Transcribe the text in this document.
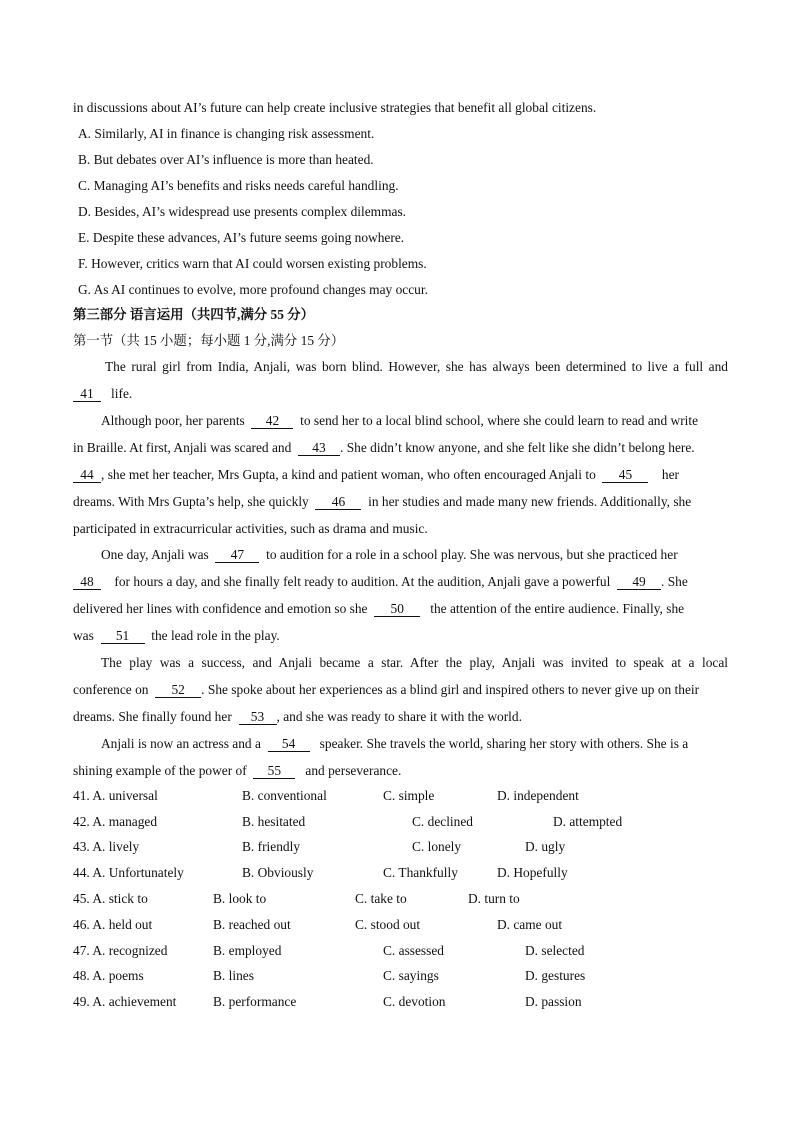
in discussions about AI’s future can help create inclusive strategies that benefit all global citizens.
A. Similarly, AI in finance is changing risk assessment.
B. But debates over AI’s influence is more than heated.
C. Managing AI’s benefits and risks needs careful handling.
D. Besides, AI’s widespread use presents complex dilemmas.
E. Despite these advances, AI’s future seems going nowhere.
F. However, critics warn that AI could worsen existing problems.
G. As AI continues to evolve, more profound changes may occur.
第三部分 语言运用（共四节,满分 55 分）
第一节（共 15 小题；每小题 1 分,满分 15 分）
The rural girl from India, Anjali, was born blind. However, she has always been determined to live a full and
41 life.
Although poor, her parents 42 to send her to a local blind school, where she could learn to read and write
in Braille. At first, Anjali was scared and 43 . She didn’t know anyone, and she felt like she didn’t belong here.
44 , she met her teacher, Mrs Gupta, a kind and patient woman, who often encouraged Anjali to 45 her
dreams. With Mrs Gupta’s help, she quickly 46 in her studies and made many new friends. Additionally, she
participated in extracurricular activities, such as drama and music.
One day, Anjali was 47 to audition for a role in a school play. She was nervous, but she practiced her
48 for hours a day, and she finally felt ready to audition. At the audition, Anjali gave a powerful 49 . She
delivered her lines with confidence and emotion so she 50 the attention of the entire audience. Finally, she
was 51 the lead role in the play.
The play was a success, and Anjali became a star. After the play, Anjali was invited to speak at a local
conference on 52 . She spoke about her experiences as a blind girl and inspired others to never give up on their
dreams. She finally found her 53 , and she was ready to share it with the world.
Anjali is now an actress and a 54 speaker. She travels the world, sharing her story with others. She is a
shining example of the power of 55 and perseverance.
41. A. universal	B. conventional	C. simple	D. independent
42. A. managed	B. hesitated	C. declined	D. attempted
43. A. lively	B. friendly	C. lonely	D. ugly
44. A. Unfortunately	B. Obviously	C. Thankfully	D. Hopefully
45. A. stick to	B. look to	C. take to	D. turn to
46. A. held out	B. reached out	C. stood out	D. came out
47. A. recognized	B. employed	C. assessed	D. selected
48. A. poems	B. lines	C. sayings	D. gestures
49. A. achievement	B. performance	C. devotion	D. passion
